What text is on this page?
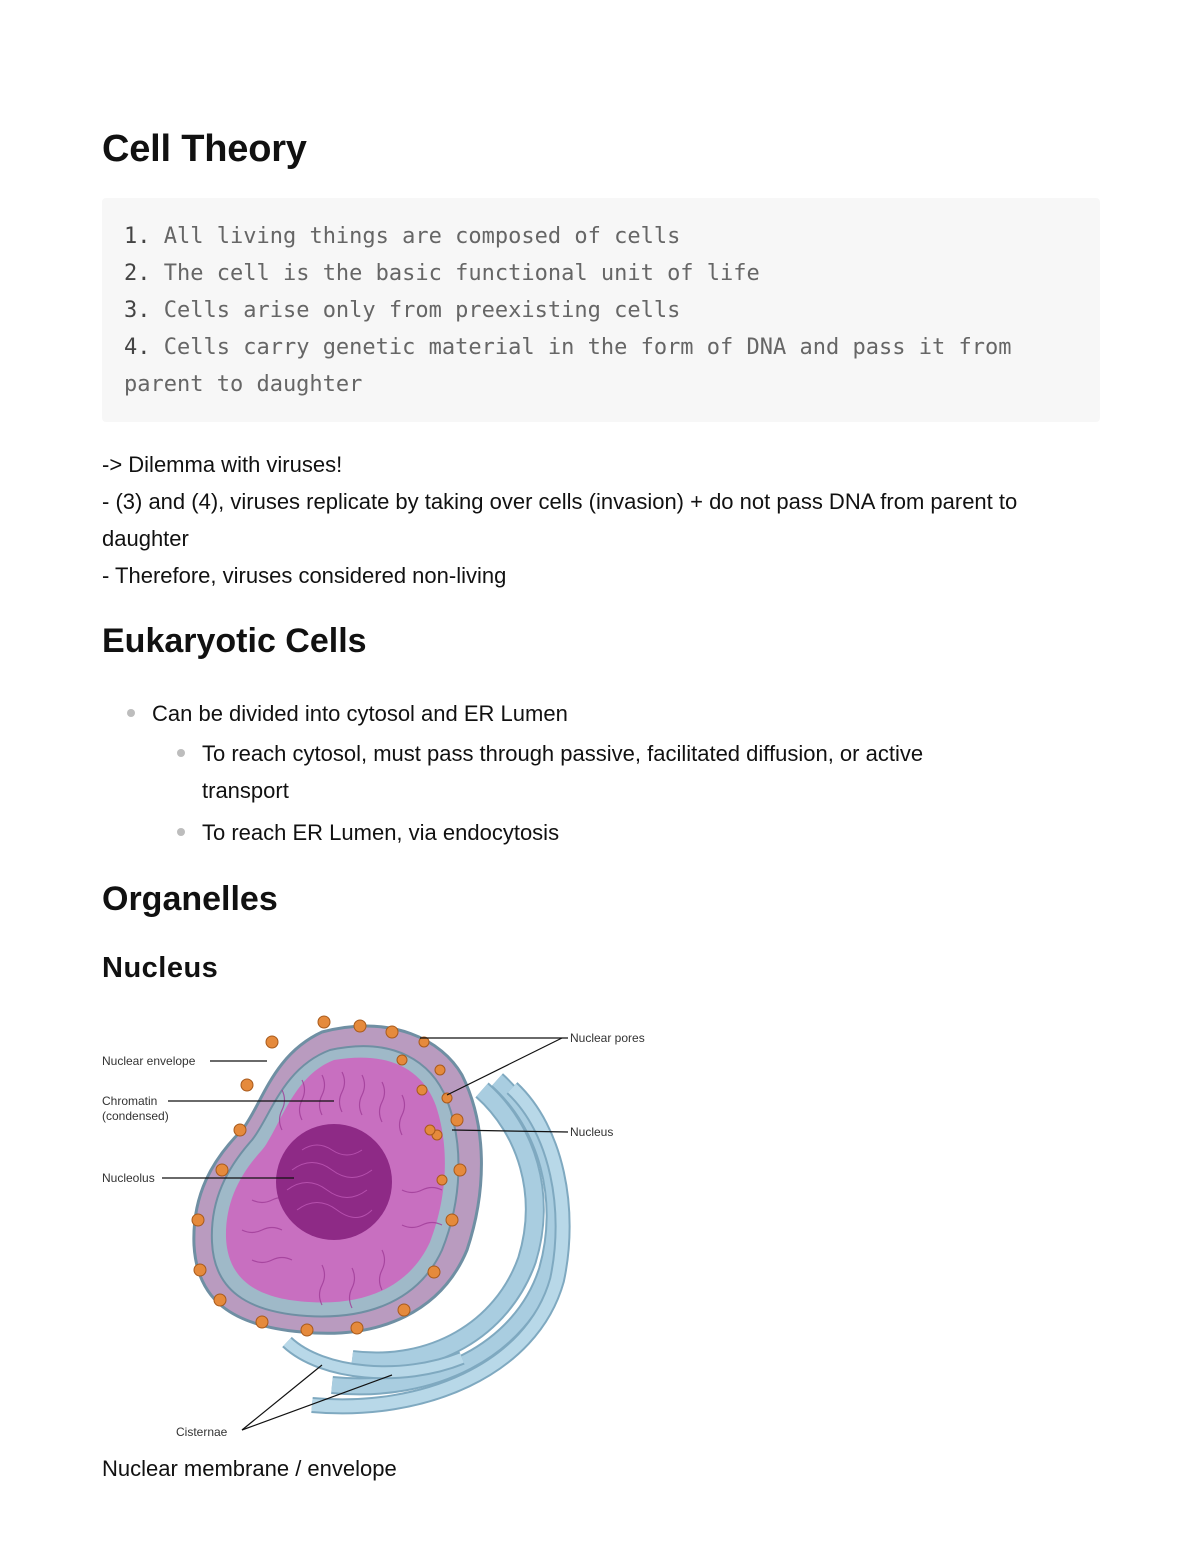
Cell Theory
1. All living things are composed of cells
2. The cell is the basic functional unit of life
3. Cells arise only from preexisting cells
4. Cells carry genetic material in the form of DNA and pass it from parent to daughter
-> Dilemma with viruses!
- (3) and (4), viruses replicate by taking over cells (invasion) + do not pass DNA from parent to daughter
- Therefore, viruses considered non-living
Eukaryotic Cells
Can be divided into cytosol and ER Lumen
To reach cytosol, must pass through passive, facilitated diffusion, or active transport
To reach ER Lumen, via endocytosis
Organelles
Nucleus
Nuclear envelope
Chromatin
(condensed)
Nucleolus
Nuclear pores
Nucleus
Cisternae
Nuclear membrane / envelope
